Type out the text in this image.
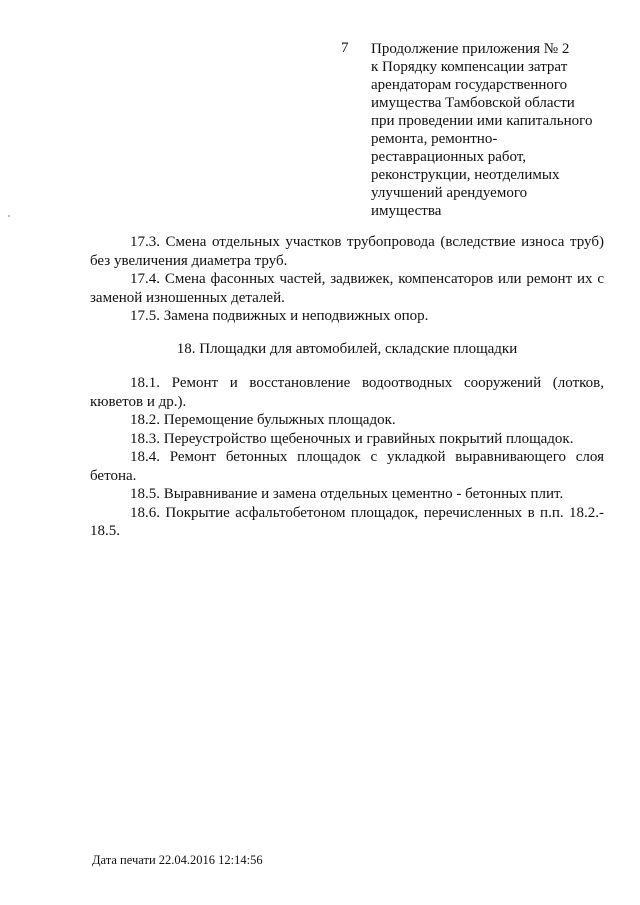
7 Продолжение приложения № 2
к Порядку компенсации затрат
арендаторам государственного
имущества Тамбовской области
при проведении ими капитального
ремонта, ремонтно-
реставрационных работ,
реконструкции, неотделимых
улучшений арендуемого
имущества

17.3. Смена отдельных участков трубопровода (вследствие износа труб) без увеличения диаметра труб.

17.4. Смена фасонных частей, задвижек, компенсаторов или ремонт их с заменой изношенных деталей.

17.5. Замена подвижных и неподвижных опор.

18. Площадки для автомобилей, складские площадки

18.1. Ремонт и восстановление водоотводных сооружений (лотков, кюветов и др.).

18.2. Перемощение булыжных площадок.

18.3. Переустройство щебеночных и гравийных покрытий площадок.

18.4. Ремонт бетонных площадок с укладкой выравнивающего слоя бетона.

18.5. Выравнивание и замена отдельных цементно - бетонных плит.

18.6. Покрытие асфальтобетоном площадок, перечисленных в п.п. 18.2.- 18.5.

Дата печати 22.04.2016 12:14:56
